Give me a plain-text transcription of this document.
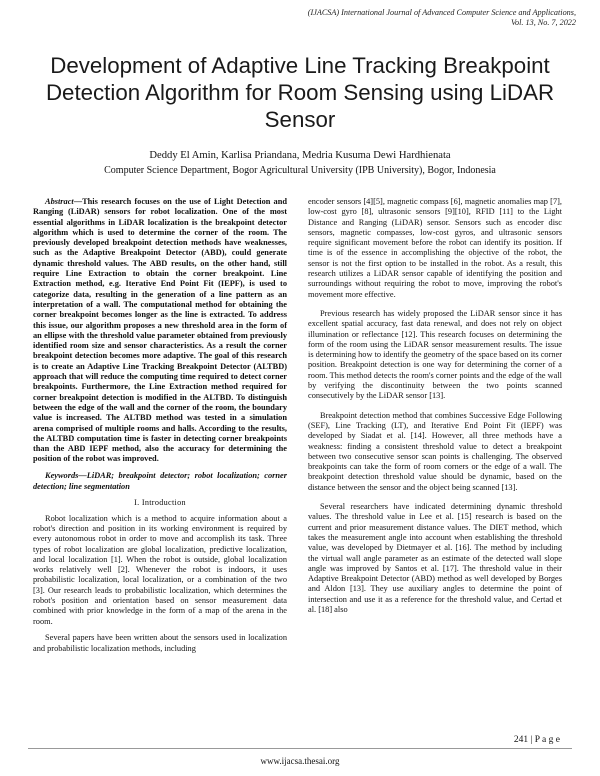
(IJACSA) International Journal of Advanced Computer Science and Applications,
Vol. 13, No. 7, 2022
Development of Adaptive Line Tracking Breakpoint
Detection Algorithm for Room Sensing using LiDAR
Sensor
Deddy El Amin, Karlisa Priandana, Medria Kusuma Dewi Hardhienata
Computer Science Department, Bogor Agricultural University (IPB University), Bogor, Indonesia

Abstract—This research focuses on the use of Light Detection and Ranging (LiDAR) sensors for robot localization. One of the most essential algorithms in LiDAR localization is the breakpoint detector algorithm which is used to determine the corner of the room. The previously developed breakpoint detection methods have weaknesses, such as the Adaptive Breakpoint Detector (ABD), could generate dynamic threshold values. The ABD results, on the other hand, still require Line Extraction to obtain the corner breakpoint. Line Extraction method, e.g. Iterative End Point Fit (IEPF), is used to categorize data, resulting in the generation of a line pattern as an interpretation of a wall. The computational method for obtaining the corner breakpoint becomes longer as the line is extracted. To address this issue, our algorithm proposes a new threshold area in the form of an ellipse with the threshold value parameter obtained from previously identified room size and sensor characteristics. As a result the corner breakpoint detection becomes more adaptive. The goal of this research is to create an Adaptive Line Tracking Breakpoint Detector (ALTBD) approach that will reduce the computing time required to detect corner breakpoints. Furthermore, the Line Extraction method required for corner breakpoint detection is modified in the ALTBD. To distinguish between the edge of the wall and the corner of the room, the boundary value is increased. The ALTBD method was tested in a simulation arena comprised of multiple rooms and halls. According to the results, the ALTBD computation time is faster in detecting corner breakpoints than the ABD IEPF method, also the accuracy for determining the position of the robot was improved.

Keywords—LiDAR; breakpoint detector; robot localization; corner detection; line segmentation

I. Introduction

Robot localization which is a method to acquire information about a robot's direction and position in its working environment is required by every autonomous robot in order to move and accomplish its task. Three types of robot localization are global localization, predictive localization, and local localization [1]. When the robot is outside, global localization works relatively well [2]. Whenever the robot is indoors, it uses probabilistic localization, local localization, or a combination of the two [3]. Our research leads to probabilistic localization, which determines the robot's position and orientation based on sensor measurement data combined with prior knowledge in the form of a map of the arena in the room.

Several papers have been written about the sensors used in localization and probabilistic localization methods, including

encoder sensors [4][5], magnetic compass [6], magnetic anomalies map [7], low-cost gyro [8], ultrasonic sensors [9][10], RFID [11] to the Light Distance and Ranging (LiDAR) sensor. Sensors such as encoder disc sensors, magnetic compasses, low-cost gyros, and ultrasonic sensors require significant movement before the robot can identify its position. If time is of the essence in accomplishing the objective of the robot, the sensor is not the first option to be installed in the robot. As a result, this research utilizes a LiDAR sensor capable of identifying the position and surroundings without requiring the robot to move, improving the robot's movement more effective.

Previous research has widely proposed the LiDAR sensor since it has excellent spatial accuracy, fast data renewal, and does not rely on object illumination or reflectance [12]. This research focuses on determining the form of the room using the LiDAR sensor measurement results. The issue is determining how to identify the geometry of the space based on its corner position. Breakpoint detection is one way for determining the corner of a room. This method detects the room's corner points and the edge of the wall by verifying the discontinuity between the two points scanned consecutively by the LiDAR sensor [13].

Breakpoint detection method that combines Successive Edge Following (SEF), Line Tracking (LT), and Iterative End Point Fit (IEPF) was developed by Siadat et al. [14]. However, all three methods have a weakness: finding a consistent threshold value to detect a breakpoint between two consecutive sensor scan points is challenging. The observed breakpoints can take the form of room corners or the edge of a wall. The breakpoint detection threshold value should be dynamic, based on the distance between the sensor and the object being scanned [13].

Several researchers have indicated determining dynamic threshold values. The threshold value in Lee et al. [15] research is based on the current and prior measurement distance values. The DIET method, which takes the measurement angle into account when establishing the threshold value, was developed by Dietmayer et al. [16]. The method by including the virtual wall angle parameter as an estimate of the detected wall slope angle was improved by Santos et al. [17]. The threshold value in their Adaptive Breakpoint Detector (ABD) method as well developed by Borges and Aldon [13]. They use auxiliary angles to determine the point of intersection and use it as a reference for the threshold value, and Certad et al. [18] also

241 | P a g e
www.ijacsa.thesai.org
